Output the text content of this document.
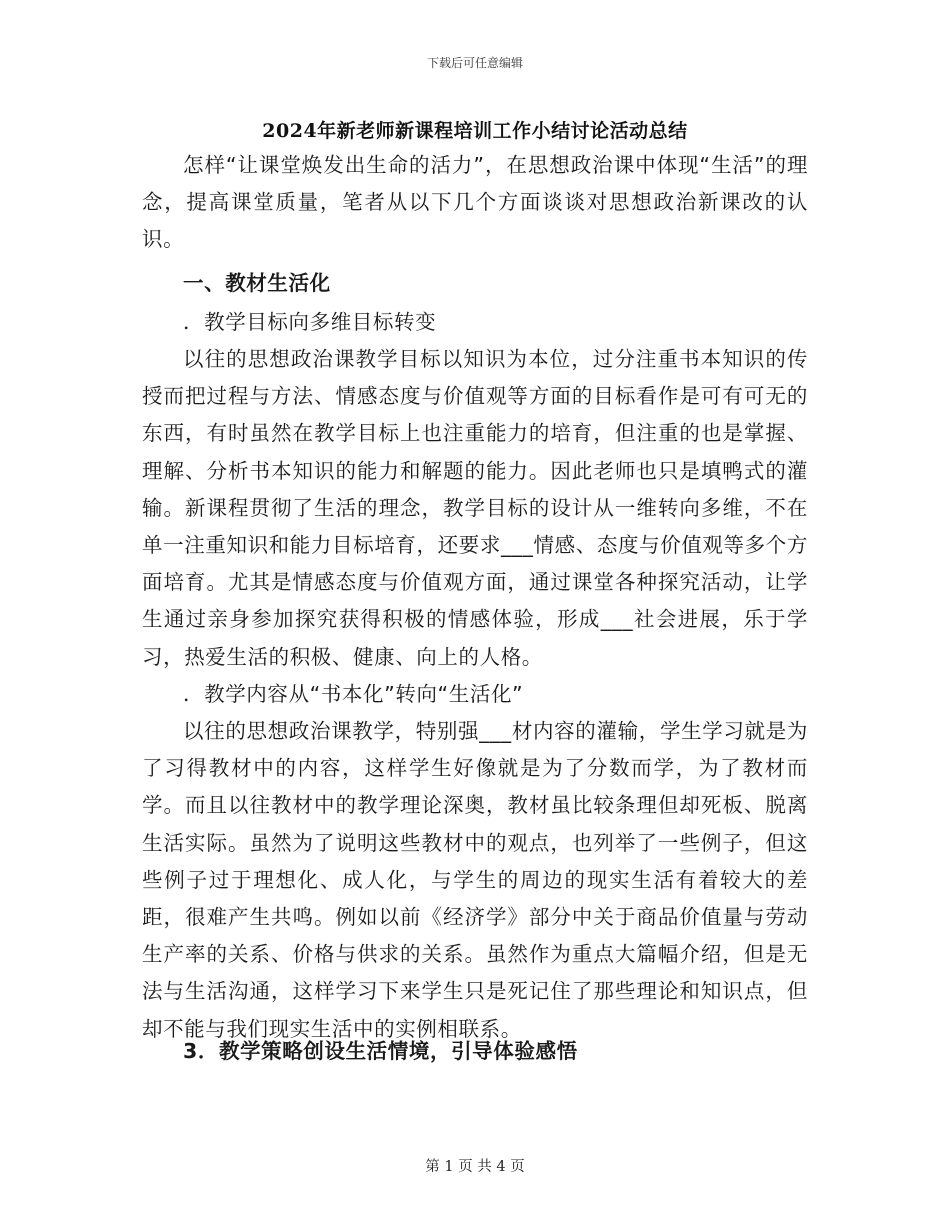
下载后可任意编辑
2024年新老师新课程培训工作小结讨论活动总结

怎样“让课堂焕发出生命的活力”，在思想政治课中体现“生活”的理念，提高课堂质量，笔者从以下几个方面谈谈对思想政治新课改的认识。

一、教材生活化

．教学目标向多维目标转变

以往的思想政治课教学目标以知识为本位，过分注重书本知识的传授而把过程与方法、情感态度与价值观等方面的目标看作是可有可无的东西，有时虽然在教学目标上也注重能力的培育，但注重的也是掌握、理解、分析书本知识的能力和解题的能力。因此老师也只是填鸭式的灌输。新课程贯彻了生活的理念，教学目标的设计从一维转向多维，不在单一注重知识和能力目标培育，还要求___情感、态度与价值观等多个方面培育。尤其是情感态度与价值观方面，通过课堂各种探究活动，让学生通过亲身参加探究获得积极的情感体验，形成___社会进展，乐于学习，热爱生活的积极、健康、向上的人格。

．教学内容从“书本化”转向“生活化”

以往的思想政治课教学，特别强___材内容的灌输，学生学习就是为了习得教材中的内容，这样学生好像就是为了分数而学，为了教材而学。而且以往教材中的教学理论深奥，教材虽比较条理但却死板、脱离生活实际。虽然为了说明这些教材中的观点，也列举了一些例子，但这些例子过于理想化、成人化，与学生的周边的现实生活有着较大的差距，很难产生共鸣。例如以前《经济学》部分中关于商品价值量与劳动生产率的关系、价格与供求的关系。虽然作为重点大篇幅介绍，但是无法与生活沟通，这样学习下来学生只是死记住了那些理论和知识点，但却不能与我们现实生活中的实例相联系。

3．教学策略创设生活情境，引导体验感悟

第 1 页 共 4 页
